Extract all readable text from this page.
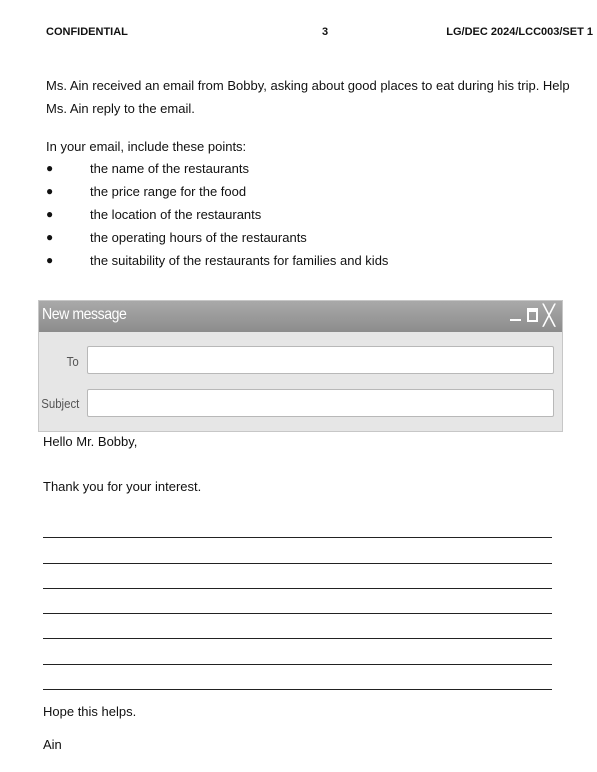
CONFIDENTIAL	3	LG/DEC 2024/LCC003/SET 1
Ms. Ain received an email from Bobby, asking about good places to eat during his trip. Help Ms. Ain reply to the email.
In your email, include these points:
●	the name of the restaurants
●	the price range for the food
●	the location of the restaurants
●	the operating hours of the restaurants
●	the suitability of the restaurants for families and kids
New message	╳
To
Subject
Hello Mr. Bobby,
Thank you for your interest.
Hope this helps.
Ain
